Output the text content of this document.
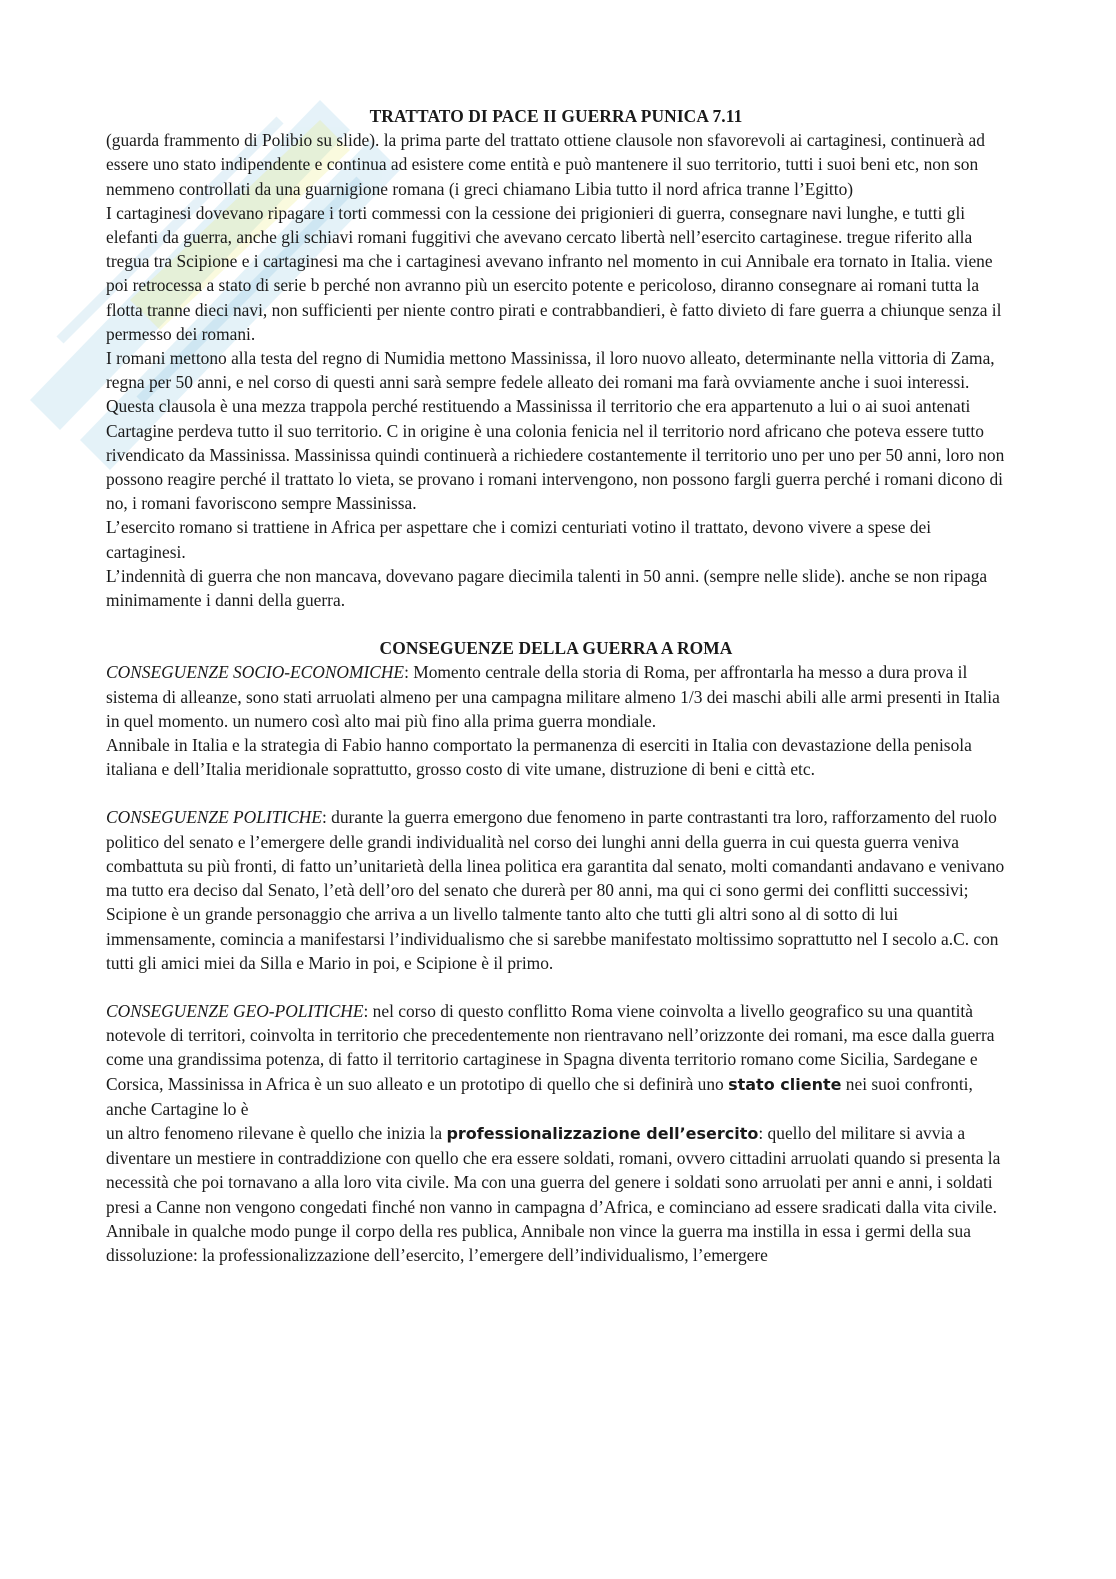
TRATTATO DI PACE II GUERRA PUNICA 7.11

(guarda frammento di Polibio su slide). la prima parte del trattato ottiene clausole non sfavorevoli ai cartaginesi, continuerà ad essere uno stato indipendente e continua ad esistere come entità e può mantenere il suo territorio, tutti i suoi beni etc, non son nemmeno controllati da una guarnigione romana (i greci chiamano Libia tutto il nord africa tranne l’Egitto)

I cartaginesi dovevano ripagare i torti commessi con la cessione dei prigionieri di guerra, consegnare navi lunghe, e tutti gli elefanti da guerra, anche gli schiavi romani fuggitivi che avevano cercato libertà nell’esercito cartaginese. tregue riferito alla tregua tra Scipione e i cartaginesi ma che i cartaginesi avevano infranto nel momento in cui Annibale era tornato in Italia. viene poi retrocessa a stato di serie b perché non avranno più un esercito potente e pericoloso, diranno consegnare ai romani tutta la flotta tranne dieci navi, non sufficienti per niente contro pirati e contrabbandieri, è fatto divieto di fare guerra a chiunque senza il permesso dei romani.

I romani mettono alla testa del regno di Numidia mettono Massinissa, il loro nuovo alleato, determinante nella vittoria di Zama, regna per 50 anni, e nel corso di questi anni sarà sempre fedele alleato dei romani ma farà ovviamente anche i suoi interessi.

Questa clausola è una mezza trappola perché restituendo a Massinissa il territorio che era appartenuto a lui o ai suoi antenati Cartagine perdeva tutto il suo territorio. C in origine è una colonia fenicia nel il territorio nord africano che poteva essere tutto rivendicato da Massinissa. Massinissa quindi continuerà a richiedere costantemente il territorio uno per uno per 50 anni, loro non possono reagire perché il trattato lo vieta, se provano i romani intervengono, non possono fargli guerra perché i romani dicono di no, i romani favoriscono sempre Massinissa.

L’esercito romano si trattiene in Africa per aspettare che i comizi centuriati votino il trattato, devono vivere a spese dei cartaginesi.

L’indennità di guerra che non mancava, dovevano pagare diecimila talenti in 50 anni. (sempre nelle slide). anche se non ripaga minimamente i danni della guerra.

CONSEGUENZE DELLA GUERRA A ROMA

CONSEGUENZE SOCIO-ECONOMICHE: Momento centrale della storia di Roma, per affrontarla ha messo a dura prova il sistema di alleanze, sono stati arruolati almeno per una campagna militare almeno 1/3 dei maschi abili alle armi presenti in Italia in quel momento. un numero così alto mai più fino alla prima guerra mondiale.

Annibale in Italia e la strategia di Fabio hanno comportato la permanenza di eserciti in Italia con devastazione della penisola italiana e dell’Italia meridionale soprattutto, grosso costo di vite umane, distruzione di beni e città etc.

CONSEGUENZE POLITICHE: durante la guerra emergono due fenomeno in parte contrastanti tra loro, rafforzamento del ruolo politico del senato e l’emergere delle grandi individualità nel corso dei lunghi anni della guerra in cui questa guerra veniva combattuta su più fronti, di fatto un’unitarietà della linea politica era garantita dal senato, molti comandanti andavano e venivano ma tutto era deciso dal Senato, l’età dell’oro del senato che durerà per 80 anni, ma qui ci sono germi dei conflitti successivi; Scipione è un grande personaggio che arriva a un livello talmente tanto alto che tutti gli altri sono al di sotto di lui immensamente, comincia a manifestarsi l’individualismo che si sarebbe manifestato moltissimo soprattutto nel I secolo a.C. con tutti gli amici miei da Silla e Mario in poi, e Scipione è il primo.

CONSEGUENZE GEO-POLITICHE: nel corso di questo conflitto Roma viene coinvolta a livello geografico su una quantità notevole di territori, coinvolta in territorio che precedentemente non rientravano nell’orizzonte dei romani, ma esce dalla guerra come una grandissima potenza, di fatto il territorio cartaginese in Spagna diventa territorio romano come Sicilia, Sardegane e Corsica, Massinissa in Africa è un suo alleato e un prototipo di quello che si definirà uno stato cliente nei suoi confronti, anche Cartagine lo è

un altro fenomeno rilevane è quello che inizia la professionalizzazione dell’esercito: quello del militare si avvia a diventare un mestiere in contraddizione con quello che era essere soldati, romani, ovvero cittadini arruolati quando si presenta la necessità che poi tornavano a alla loro vita civile. Ma con una guerra del genere i soldati sono arruolati per anni e anni, i soldati presi a Canne non vengono congedati finché non vanno in campagna d’Africa, e cominciano ad essere sradicati dalla vita civile.

Annibale in qualche modo punge il corpo della res publica, Annibale non vince la guerra ma instilla in essa i germi della sua dissoluzione: la professionalizzazione dell’esercito, l’emergere dell’individualismo, l’emergere
